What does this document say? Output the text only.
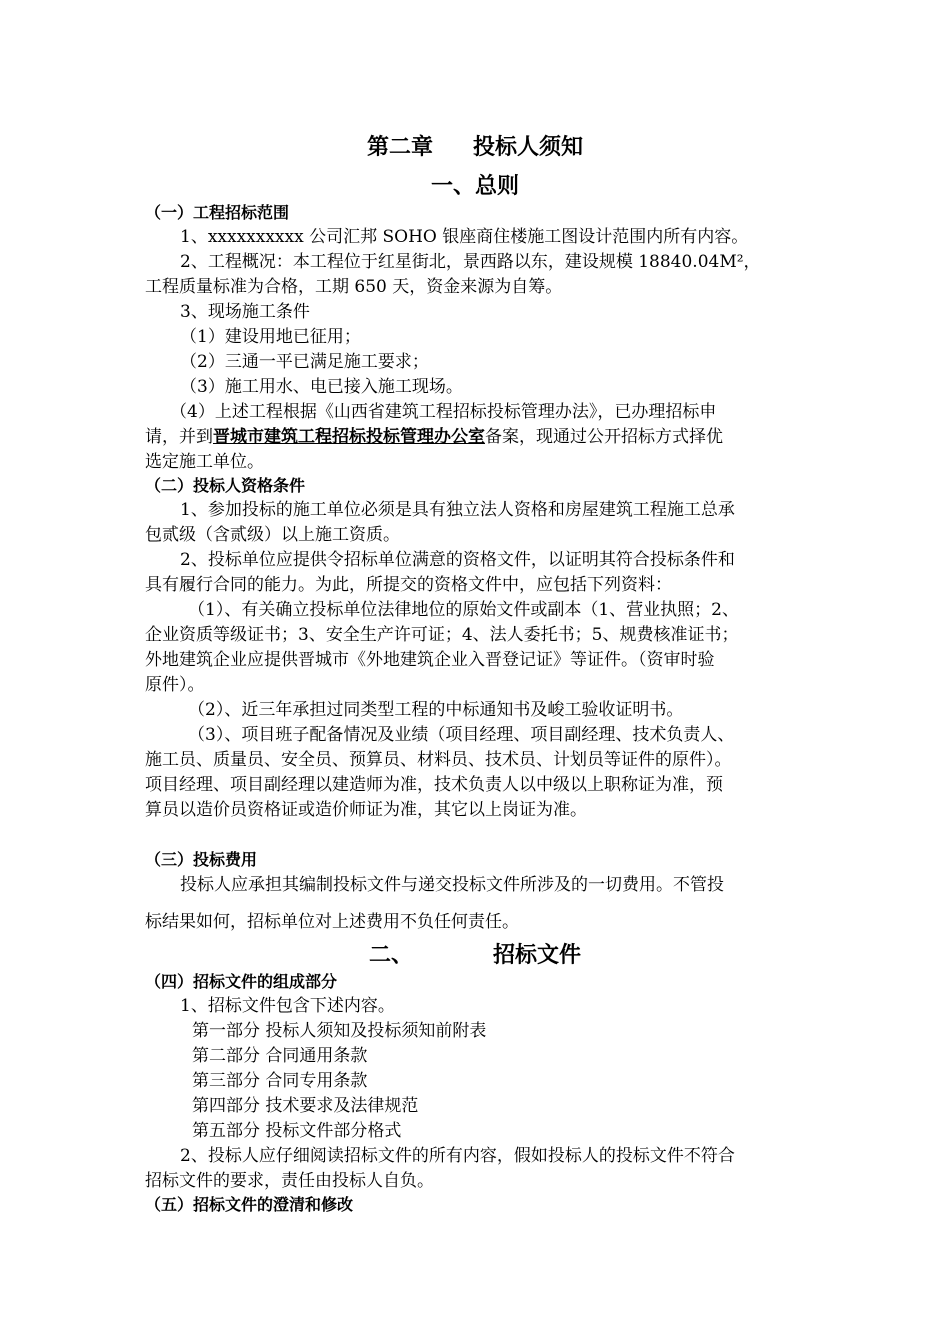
第二章 投标人须知
一、总则
（一）工程招标范围
1、xxxxxxxxxx 公司汇邦 SOHO 银座商住楼施工图设计范围内所有内容。
2、工程概况：本工程位于红星街北，景西路以东，建设规模 18840.04M²，
工程质量标准为合格，工期 650 天，资金来源为自筹。
3、现场施工条件
（1）建设用地已征用；
（2）三通一平已满足施工要求；
（3）施工用水、电已接入施工现场。
（4）上述工程根据《山西省建筑工程招标投标管理办法》，已办理招标申
请，并到晋城市建筑工程招标投标管理办公室备案，现通过公开招标方式择优
选定施工单位。
（二）投标人资格条件
1、参加投标的施工单位必须是具有独立法人资格和房屋建筑工程施工总承
包贰级（含贰级）以上施工资质。
2、投标单位应提供令招标单位满意的资格文件，以证明其符合投标条件和
具有履行合同的能力。为此，所提交的资格文件中，应包括下列资料：
（1）、有关确立投标单位法律地位的原始文件或副本（1、营业执照；2、
企业资质等级证书；3、安全生产许可证；4、法人委托书；5、规费核准证书；
外地建筑企业应提供晋城市《外地建筑企业入晋登记证》等证件。（资审时验
原件）。
（2）、近三年承担过同类型工程的中标通知书及峻工验收证明书。
（3）、项目班子配备情况及业绩（项目经理、项目副经理、技术负责人、
施工员、质量员、安全员、预算员、材料员、技术员、计划员等证件的原件）。
项目经理、项目副经理以建造师为准，技术负责人以中级以上职称证为准，预
算员以造价员资格证或造价师证为准，其它以上岗证为准。
（三）投标费用
投标人应承担其编制投标文件与递交投标文件所涉及的一切费用。不管投
标结果如何，招标单位对上述费用不负任何责任。
二、	招标文件
（四）招标文件的组成部分
1、招标文件包含下述内容。
第一部分 投标人须知及投标须知前附表
第二部分 合同通用条款
第三部分 合同专用条款
第四部分 技术要求及法律规范
第五部分 投标文件部分格式
2、投标人应仔细阅读招标文件的所有内容，假如投标人的投标文件不符合
招标文件的要求，责任由投标人自负。
（五）招标文件的澄清和修改
